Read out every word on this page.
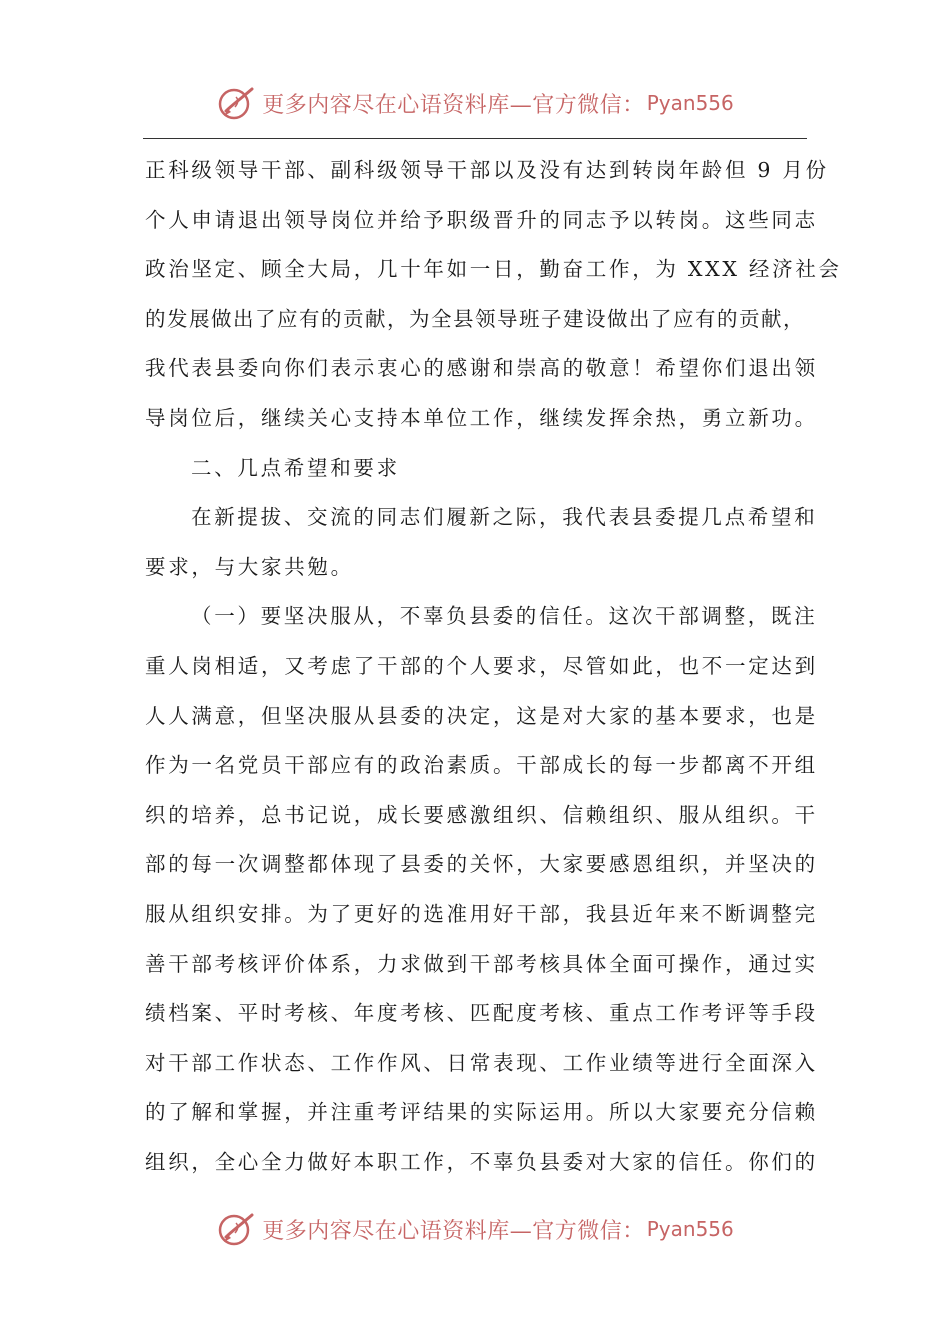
更多内容尽在心语资料库—官方微信： Pyan556
正科级领导干部、副科级领导干部以及没有达到转岗年龄但 9 月份
个人申请退出领导岗位并给予职级晋升的同志予以转岗。这些同志
政治坚定、顾全大局，几十年如一日，勤奋工作，为 XXX 经济社会
的发展做出了应有的贡献，为全县领导班子建设做出了应有的贡献，
我代表县委向你们表示衷心的感谢和崇高的敬意！希望你们退出领
导岗位后，继续关心支持本单位工作，继续发挥余热，勇立新功。
二、几点希望和要求
在新提拔、交流的同志们履新之际，我代表县委提几点希望和
要求，与大家共勉。
（一）要坚决服从，不辜负县委的信任。这次干部调整，既注
重人岗相适，又考虑了干部的个人要求，尽管如此，也不一定达到
人人满意，但坚决服从县委的决定，这是对大家的基本要求，也是
作为一名党员干部应有的政治素质。干部成长的每一步都离不开组
织的培养，总书记说，成长要感激组织、信赖组织、服从组织。干
部的每一次调整都体现了县委的关怀，大家要感恩组织，并坚决的
服从组织安排。为了更好的选准用好干部，我县近年来不断调整完
善干部考核评价体系，力求做到干部考核具体全面可操作，通过实
绩档案、平时考核、年度考核、匹配度考核、重点工作考评等手段
对干部工作状态、工作作风、日常表现、工作业绩等进行全面深入
的了解和掌握，并注重考评结果的实际运用。所以大家要充分信赖
组织，全心全力做好本职工作，不辜负县委对大家的信任。你们的
更多内容尽在心语资料库—官方微信： Pyan556
